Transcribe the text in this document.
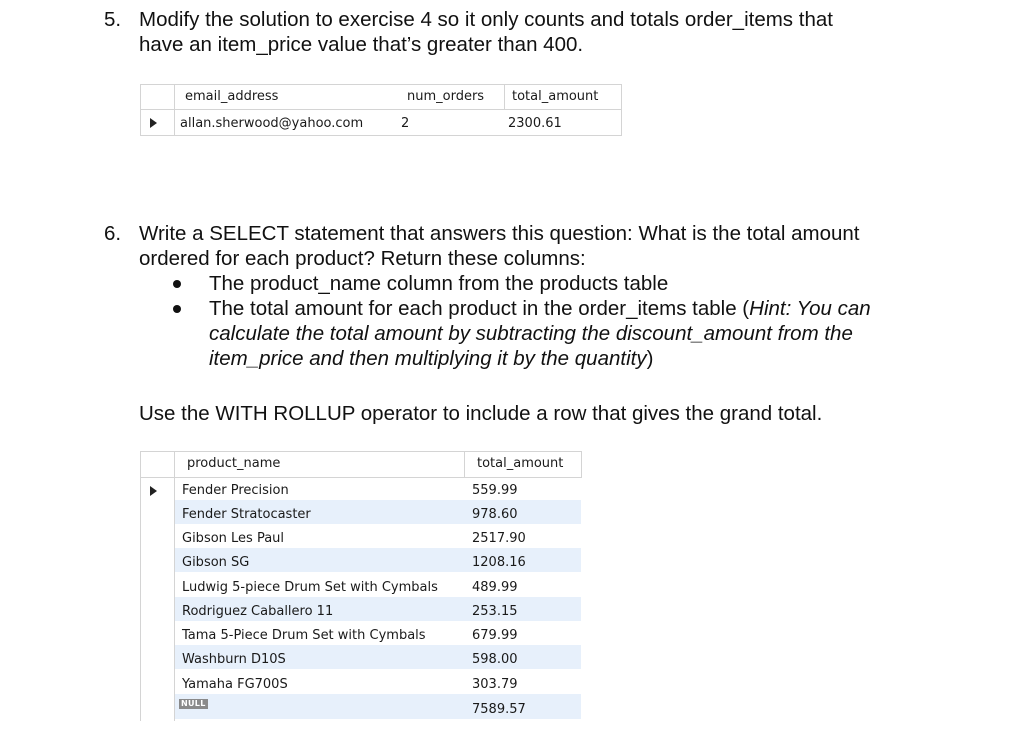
5. Modify the solution to exercise 4 so it only counts and totals order_items that
have an item_price value that’s greater than 400.
email_address	num_orders total_amount
allan.sherwood@yahoo.com	2	2300.61
6. Write a SELECT statement that answers this question: What is the total amount
ordered for each product? Return these columns:
The product_name column from the products table
The total amount for each product in the order_items table (Hint: You can
calculate the total amount by subtracting the discount_amount from the
item_price and then multiplying it by the quantity)
Use the WITH ROLLUP operator to include a row that gives the grand total.
product_name	total_amount
Fender Precision	559.99
Fender Stratocaster	978.60
Gibson Les Paul	2517.90
Gibson SG	1208.16
Ludwig 5-piece Drum Set with Cymbals	489.99
Rodriguez Caballero 11	253.15
Tama 5-Piece Drum Set with Cymbals	679.99
Washburn D10S	598.00
Yamaha FG700S	303.79
NULL	7589.57
